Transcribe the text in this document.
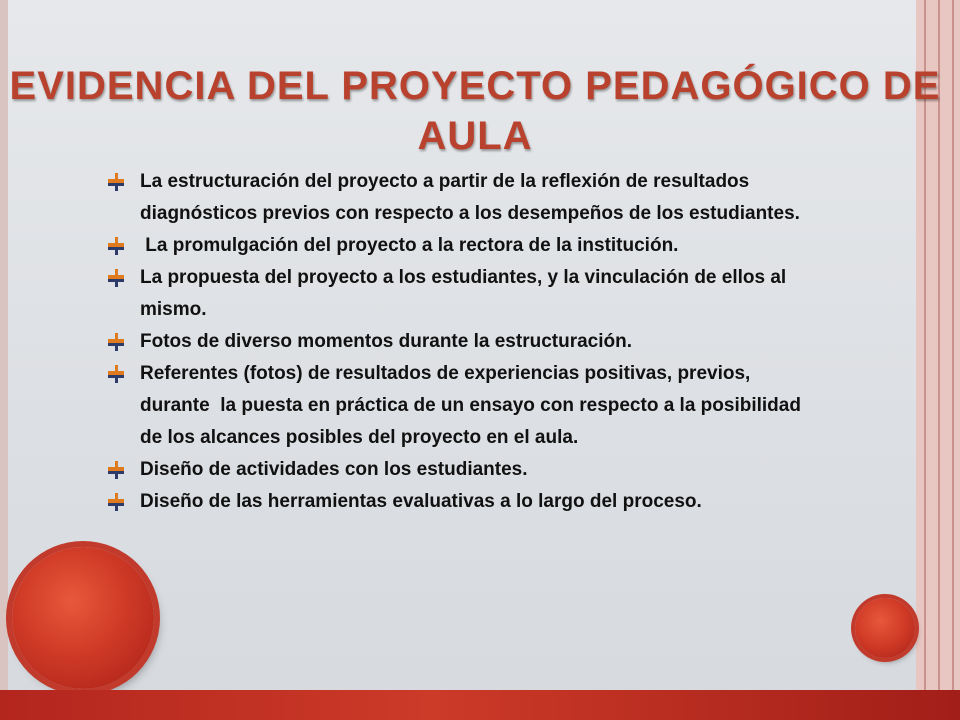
EVIDENCIA DEL PROYECTO PEDAGÓGICO DE
AULA
La estructuración del proyecto a partir de la reflexión de resultados
diagnósticos previos con respecto a los desempeños de los estudiantes.
La promulgación del proyecto a la rectora de la institución.
La propuesta del proyecto a los estudiantes, y la vinculación de ellos al
mismo.
Fotos de diverso momentos durante la estructuración.
Referentes (fotos) de resultados de experiencias positivas, previos,
durante  la puesta en práctica de un ensayo con respecto a la posibilidad
de los alcances posibles del proyecto en el aula.
Diseño de actividades con los estudiantes.
Diseño de las herramientas evaluativas a lo largo del proceso.
